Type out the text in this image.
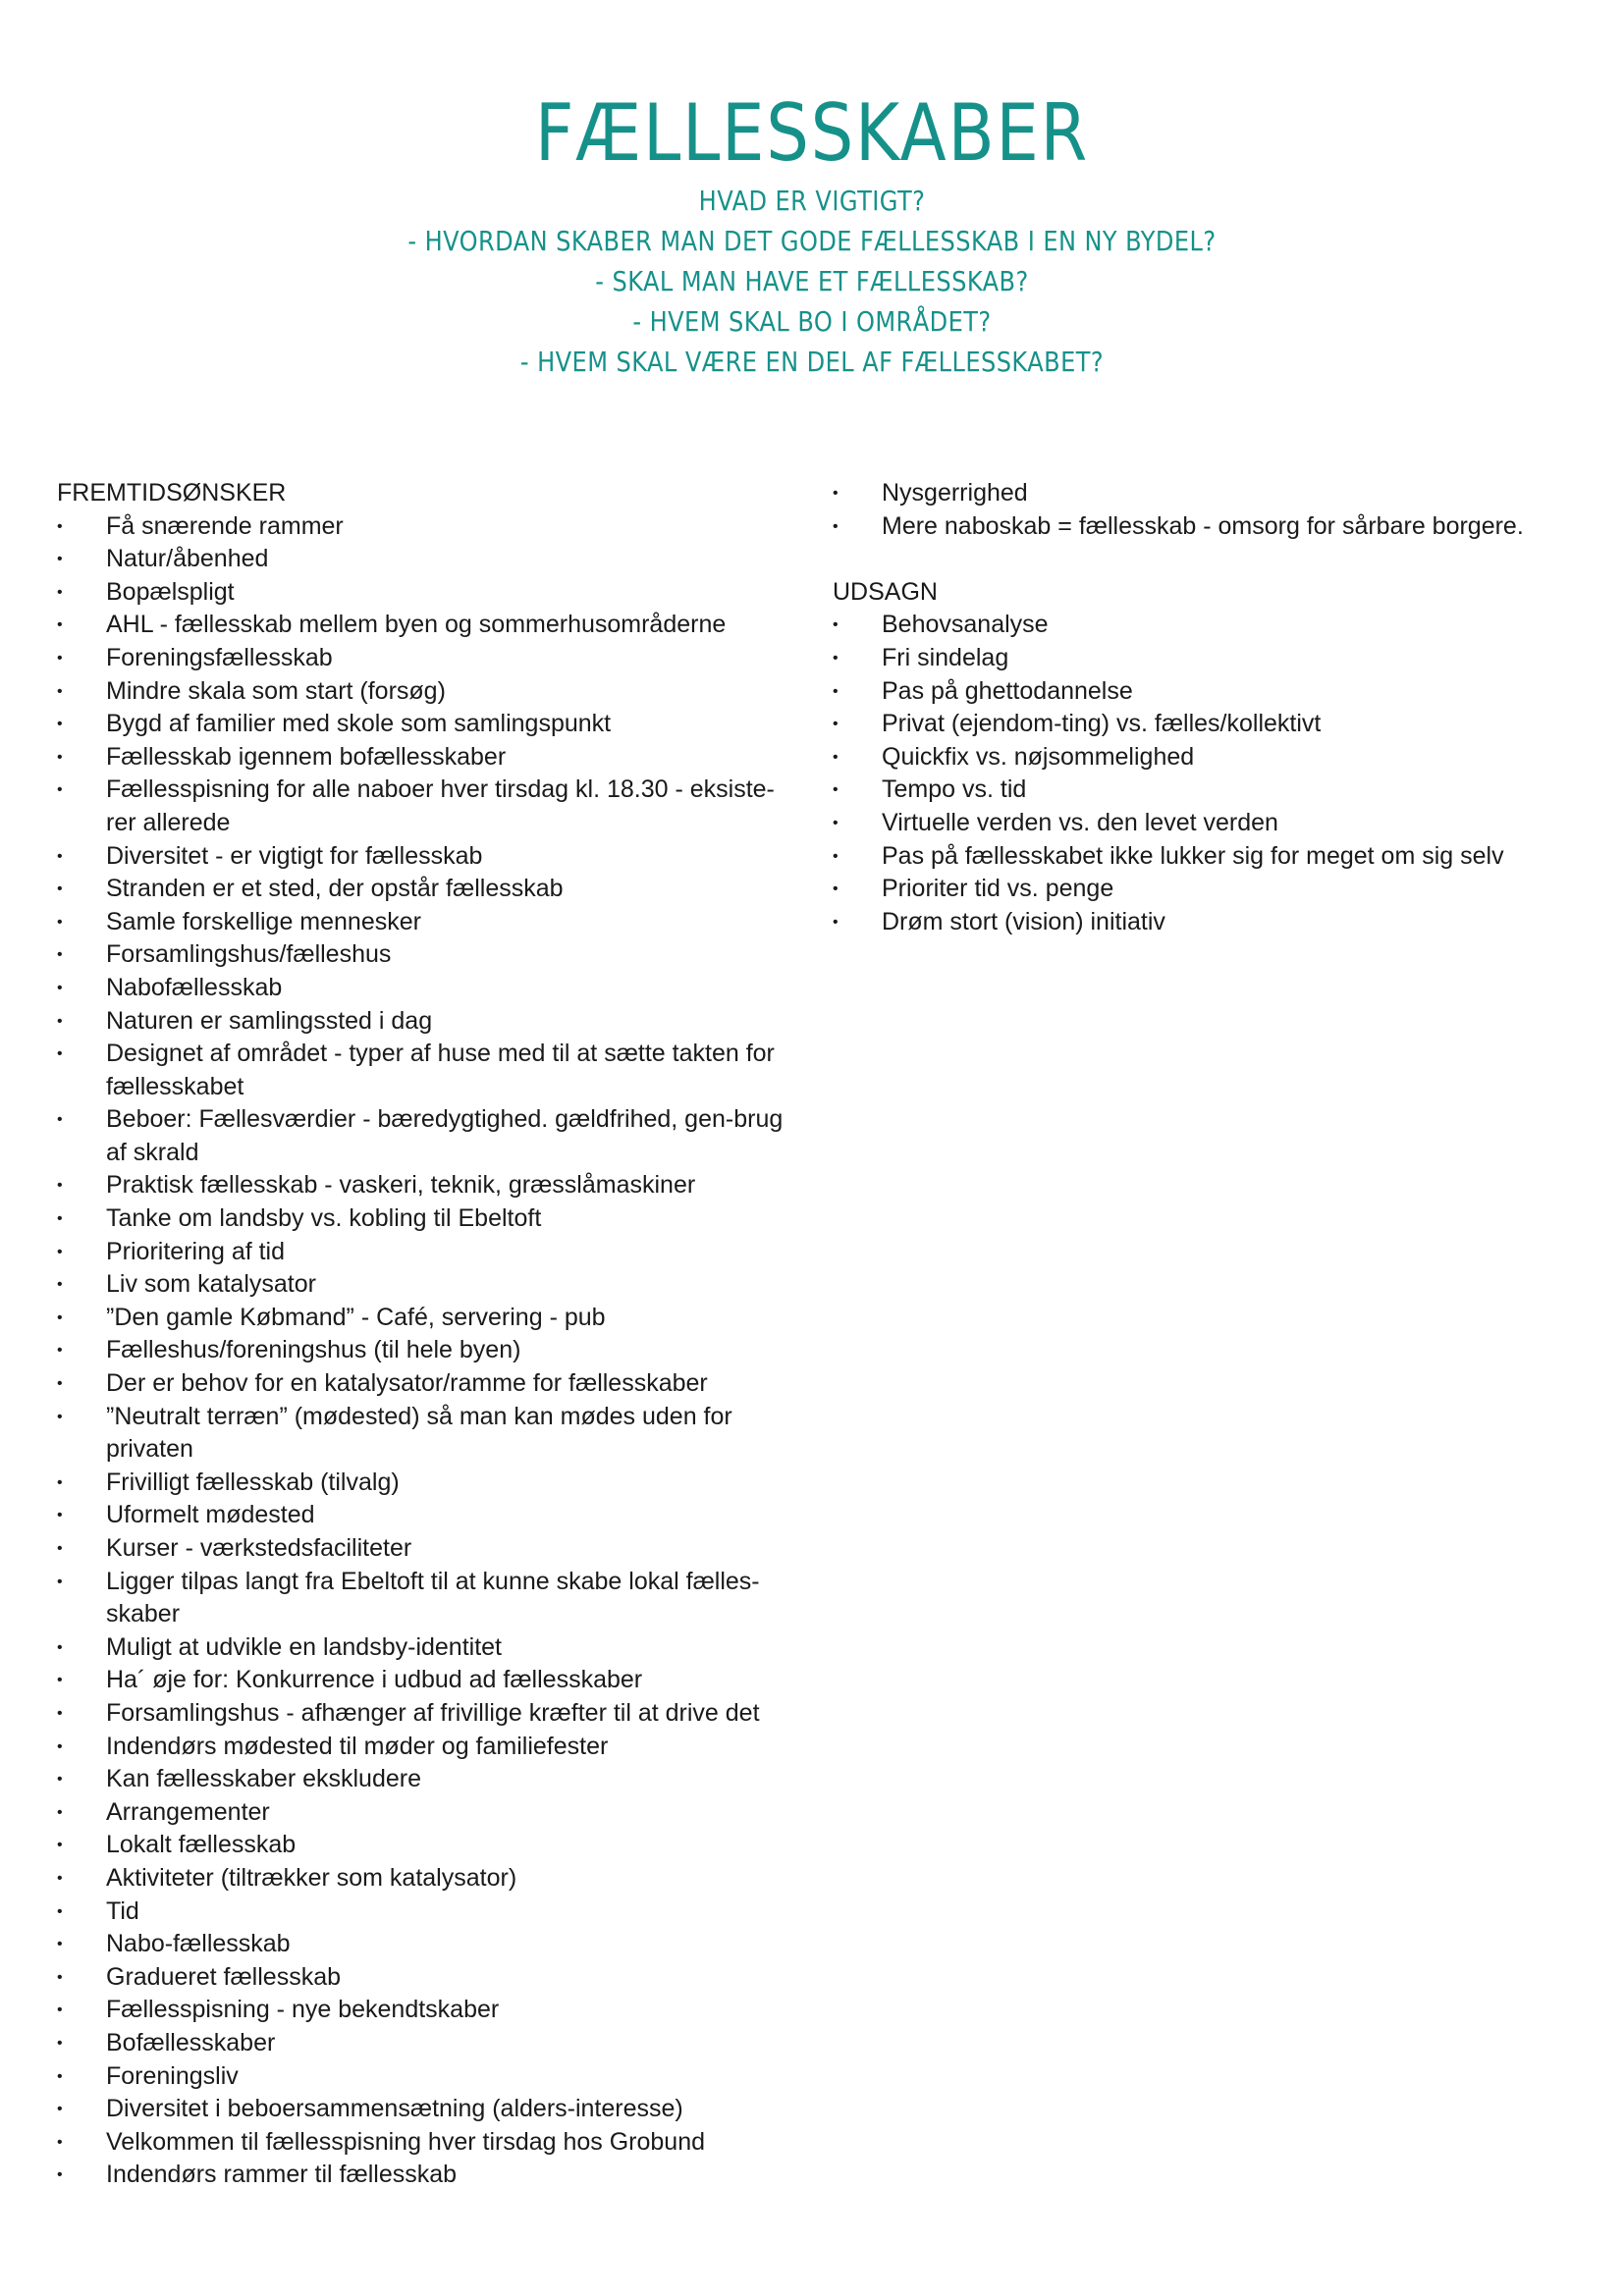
FÆLLESSKABER

HVAD ER VIGTIGT?

- HVORDAN SKABER MAN DET GODE FÆLLESSKAB I EN NY BYDEL?

- SKAL MAN HAVE ET FÆLLESSKAB?

- HVEM SKAL BO I OMRÅDET?

- HVEM SKAL VÆRE EN DEL AF FÆLLESSKABET?

FREMTIDSØNSKER
•	Få snærende rammer
•	Natur/åbenhed
•	Bopælspligt
•	AHL - fællesskab mellem byen og sommerhusområderne
•	Foreningsfællesskab
•	Mindre skala som start (forsøg)
•	Bygd af familier med skole som samlingspunkt
•	Fællesskab igennem bofællesskaber
•	Fællesspisning for alle naboer hver tirsdag kl. 18.30 - eksiste-rer allerede
•	Diversitet - er vigtigt for fællesskab
•	Stranden er et sted, der opstår fællesskab
•	Samle forskellige mennesker
•	Forsamlingshus/fælleshus
•	Nabofællesskab
•	Naturen er samlingssted i dag
•	Designet af området - typer af huse med til at sætte takten for fællesskabet
•	Beboer: Fællesværdier - bæredygtighed. gældfrihed, gen-brug af skrald
•	Praktisk fællesskab - vaskeri, teknik, græsslåmaskiner
•	Tanke om landsby vs. kobling til Ebeltoft
•	Prioritering af tid
•	Liv som katalysator
•	”Den gamle Købmand” - Café, servering - pub
•	Fælleshus/foreningshus (til hele byen)
•	Der er behov for en katalysator/ramme for fællesskaber
•	”Neutralt terræn” (mødested) så man kan mødes uden for privaten
•	Frivilligt fællesskab (tilvalg)
•	Uformelt mødested
•	Kurser - værkstedsfaciliteter
•	Ligger tilpas langt fra Ebeltoft til at kunne skabe lokal fælles-skaber
•	Muligt at udvikle en landsby-identitet
•	Ha´ øje for: Konkurrence i udbud ad fællesskaber
•	Forsamlingshus - afhænger af frivillige kræfter til at drive det
•	Indendørs mødested til møder og familiefester
•	Kan fællesskaber ekskludere
•	Arrangementer
•	Lokalt fællesskab
•	Aktiviteter (tiltrækker som katalysator)
•	Tid
•	Nabo-fællesskab
•	Gradueret fællesskab
•	Fællesspisning - nye bekendtskaber
•	Bofællesskaber
•	Foreningsliv
•	Diversitet i beboersammensætning (alders-interesse)
•	Velkommen til fællesspisning hver tirsdag hos Grobund
•	Indendørs rammer til fællesskab
•	Nysgerrighed
•	Mere naboskab = fællesskab - omsorg for sårbare borgere.
UDSAGN
•	Behovsanalyse
•	Fri sindelag
•	Pas på ghettodannelse
•	Privat (ejendom-ting) vs. fælles/kollektivt
•	Quickfix vs. nøjsommelighed
•	Tempo vs. tid
•	Virtuelle verden vs. den levet verden
•	Pas på fællesskabet ikke lukker sig for meget om sig selv
•	Prioriter tid vs. penge
•	Drøm stort (vision) initiativ
